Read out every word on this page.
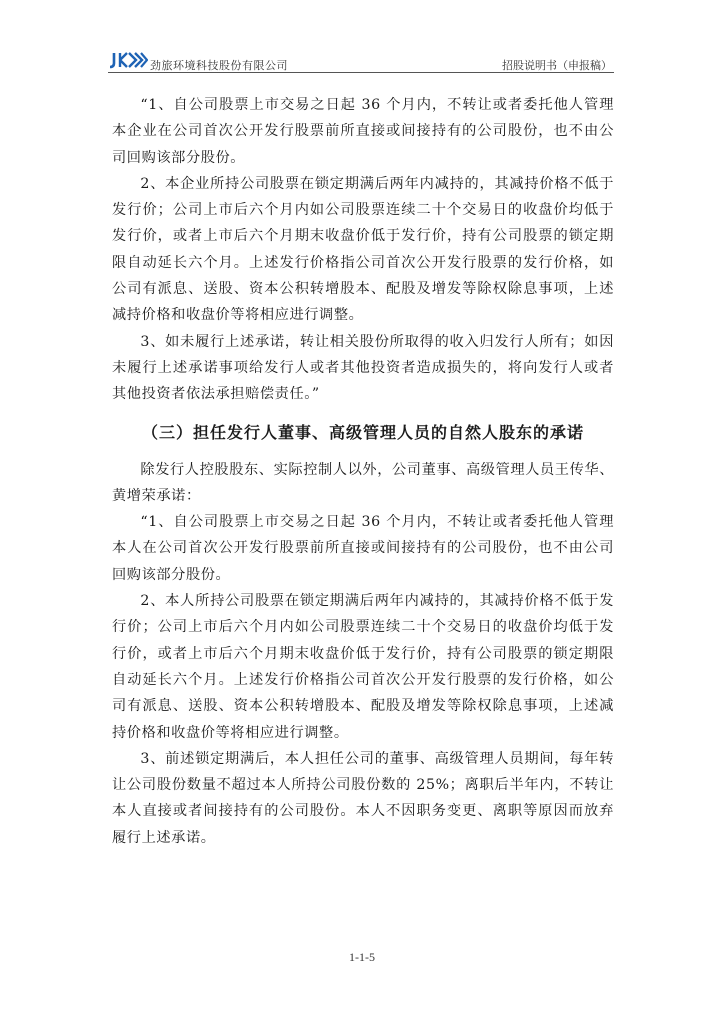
劲旅环境科技股份有限公司	招股说明书（申报稿）

“1、自公司股票上市交易之日起 36 个月内，不转让或者委托他人管理本企业在公司首次公开发行股票前所直接或间接持有的公司股份，也不由公司回购该部分股份。

2、本企业所持公司股票在锁定期满后两年内减持的，其减持价格不低于发行价；公司上市后六个月内如公司股票连续二十个交易日的收盘价均低于发行价，或者上市后六个月期末收盘价低于发行价，持有公司股票的锁定期限自动延长六个月。上述发行价格指公司首次公开发行股票的发行价格，如公司有派息、送股、资本公积转增股本、配股及增发等除权除息事项，上述减持价格和收盘价等将相应进行调整。

3、如未履行上述承诺，转让相关股份所取得的收入归发行人所有；如因未履行上述承诺事项给发行人或者其他投资者造成损失的，将向发行人或者其他投资者依法承担赔偿责任。”

（三）担任发行人董事、高级管理人员的自然人股东的承诺

除发行人控股股东、实际控制人以外，公司董事、高级管理人员王传华、黄增荣承诺：

“1、自公司股票上市交易之日起 36 个月内，不转让或者委托他人管理本人在公司首次公开发行股票前所直接或间接持有的公司股份，也不由公司回购该部分股份。

2、本人所持公司股票在锁定期满后两年内减持的，其减持价格不低于发行价；公司上市后六个月内如公司股票连续二十个交易日的收盘价均低于发行价，或者上市后六个月期末收盘价低于发行价，持有公司股票的锁定期限自动延长六个月。上述发行价格指公司首次公开发行股票的发行价格，如公司有派息、送股、资本公积转增股本、配股及增发等除权除息事项，上述减持价格和收盘价等将相应进行调整。

3、前述锁定期满后，本人担任公司的董事、高级管理人员期间，每年转让公司股份数量不超过本人所持公司股份数的 25%；离职后半年内，不转让本人直接或者间接持有的公司股份。本人不因职务变更、离职等原因而放弃履行上述承诺。

1-1-5
